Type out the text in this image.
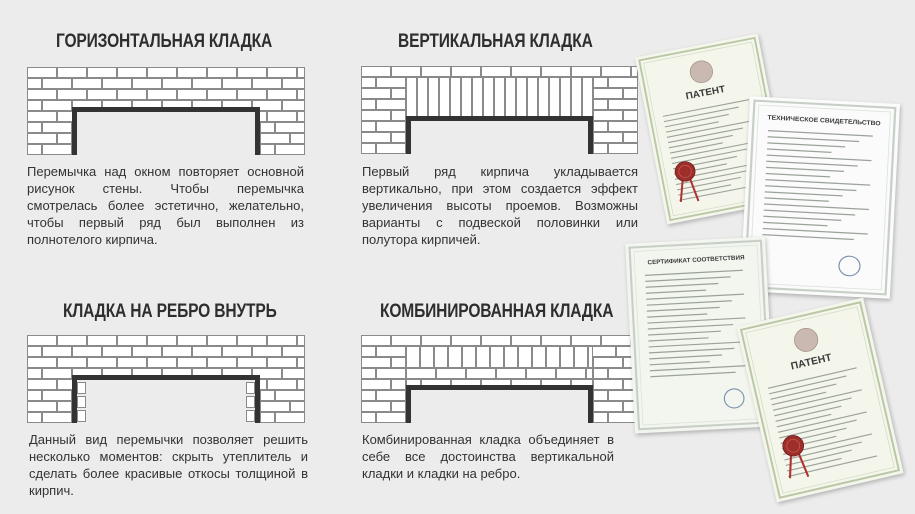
ГОРИЗОНТАЛЬНАЯ КЛАДКА

Перемычка над окном повторяет основной рисунок стены. Чтобы перемычка смотрелась более эстетично, желательно, чтобы первый ряд был выполнен из полнотелого кирпича.

ВЕРТИКАЛЬНАЯ КЛАДКА

Первый ряд кирпича укладывается вертикально, при этом создается эффект увеличения высоты проемов. Возможны варианты с подвеской половинки или полутора кирпичей.

КЛАДКА НА РЕБРО ВНУТРЬ

Данный вид перемычки позволяет решить несколько моментов: скрыть утеплитель и сделать более красивые откосы толщиной в кирпич.

КОМБИНИРОВАННАЯ КЛАДКА

Комбинированная кладка объединяет в себе все достоинства вертикальной кладки и кладки на ребро.

ПАТЕНТ
ТЕХНИЧЕСКОЕ СВИДЕТЕЛЬСТВО
СЕРТИФИКАТ СООТВЕТСТВИЯ
ПАТЕНТ
